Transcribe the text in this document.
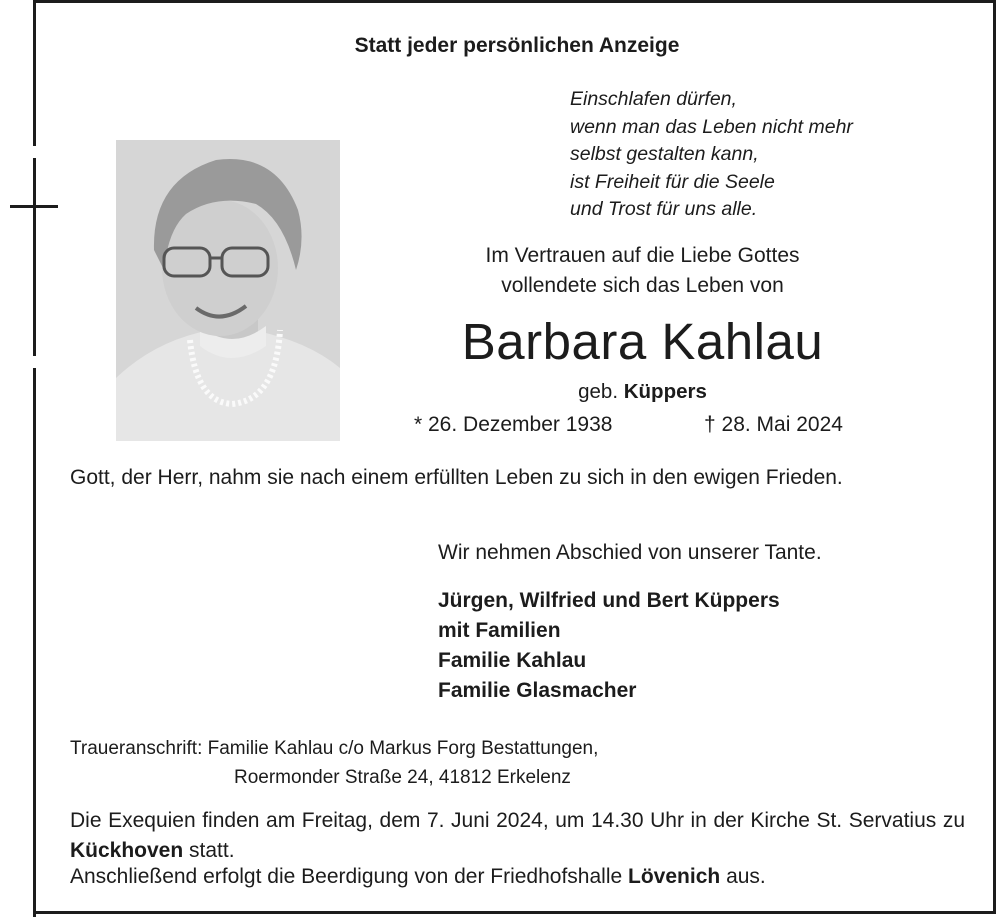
Statt jeder persönlichen Anzeige
Einschlafen dürfen,
wenn man das Leben nicht mehr
selbst gestalten kann,
ist Freiheit für die Seele
und Trost für uns alle.
Im Vertrauen auf die Liebe Gottes
vollendete sich das Leben von
Barbara Kahlau
geb. Küppers
* 26. Dezember 1938	† 28. Mai 2024
Gott, der Herr, nahm sie nach einem erfüllten Leben zu sich in den ewigen Frieden.
Wir nehmen Abschied von unserer Tante.
Jürgen, Wilfried und Bert Küppers
mit Familien
Familie Kahlau
Familie Glasmacher
Traueranschrift: Familie Kahlau c/o Markus Forg Bestattungen,
Roermonder Straße 24, 41812 Erkelenz
Die Exequien finden am Freitag, dem 7. Juni 2024, um 14.30 Uhr in der Kirche St. Servatius zu Kückhoven statt.
Anschließend erfolgt die Beerdigung von der Friedhofshalle Lövenich aus.
